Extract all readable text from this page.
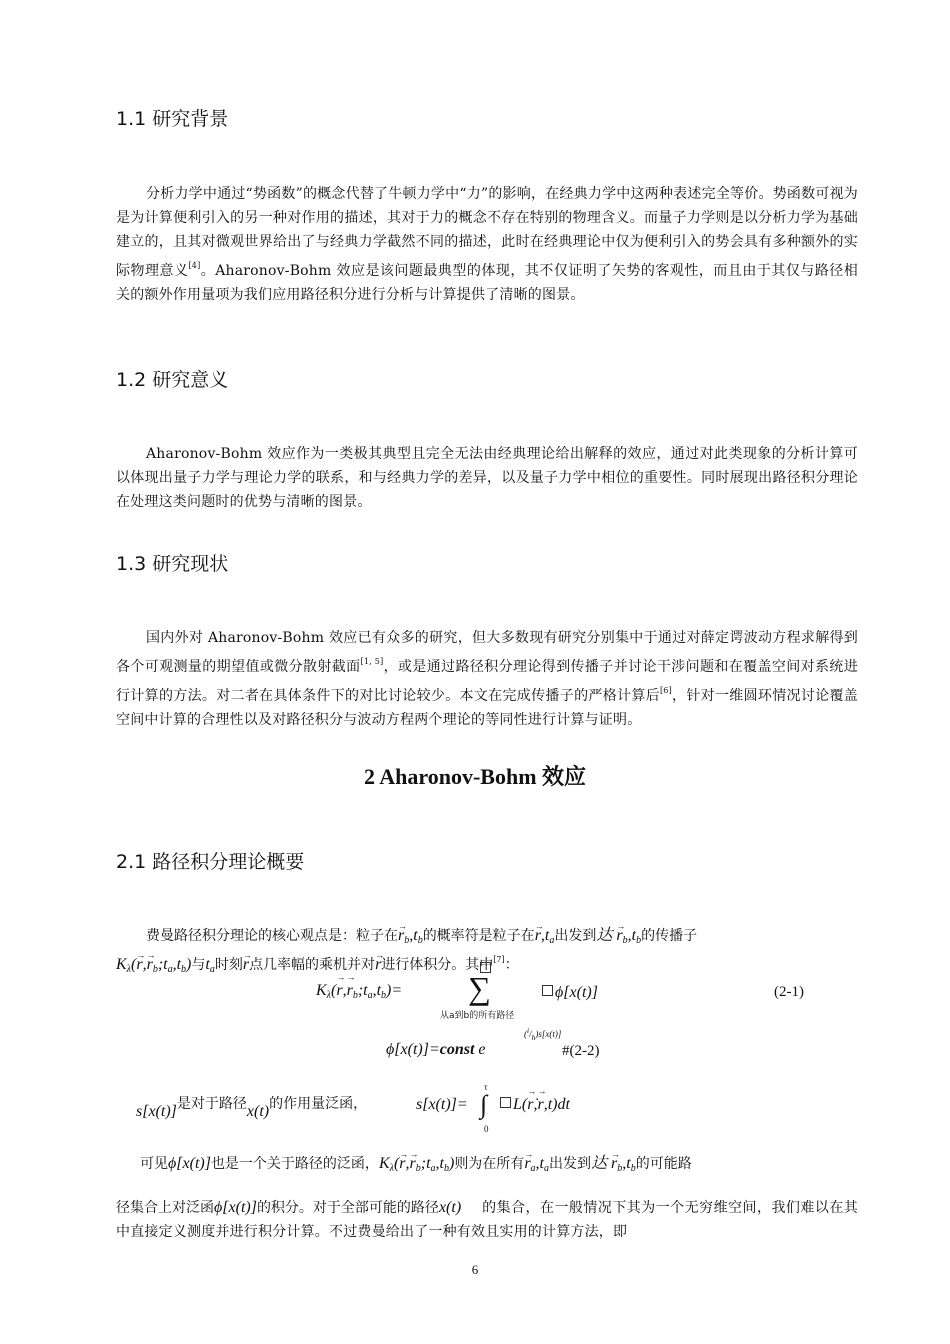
1.1 研究背景

分析力学中通过“势函数”的概念代替了牛顿力学中“力”的影响，在经典力学中这两种表述完全等价。势函数可视为是为计算便利引入的另一种对作用的描述，其对于力的概念不存在特别的物理含义。而量子力学则是以分析力学为基础建立的，且其对微观世界给出了与经典力学截然不同的描述，此时在经典理论中仅为便利引入的势会具有多种额外的实际物理意义[4]。Aharonov-Bohm 效应是该问题最典型的体现，其不仅证明了矢势的客观性，而且由于其仅与路径相关的额外作用量项为我们应用路径积分进行分析与计算提供了清晰的图景。

1.2 研究意义

Aharonov-Bohm 效应作为一类极其典型且完全无法由经典理论给出解释的效应，通过对此类现象的分析计算可以体现出量子力学与理论力学的联系，和与经典力学的差异，以及量子力学中相位的重要性。同时展现出路径积分理论在处理这类问题时的优势与清晰的图景。

1.3 研究现状

国内外对 Aharonov-Bohm 效应已有众多的研究，但大多数现有研究分别集中于通过对薛定谔波动方程求解得到各个可观测量的期望值或微分散射截面[1, 5]，或是通过路径积分理论得到传播子并讨论干涉问题和在覆盖空间对系统进行计算的方法。对二者在具体条件下的对比讨论较少。本文在完成传播子的严格计算后[6]，针对一维圆环情况讨论覆盖空间中计算的合理性以及对路径积分与波动方程两个理论的等同性进行计算与证明。

2 Aharonov-Bohm 效应
2.1 路径积分理论概要
费曼路径积分理论的核心观点是：粒子在→ $r_b,t_b$的概率符是粒子在→ $r,t_a$出发到达 → $r_b,t_b$的传播子
$K_\lambda(\to r,\to$ $r_b;t_a,t_b$)与$t_a$时刻→ r点几率幅的乘机并对→ r进行体积分。其中[7]：
$K_\lambda(\to r,\to$ $r_b;t_a,t_b)=$ ∑
从a到b的所有路径
ϕ[x(t)]	(2-1)
ϕ[x(t)]=const e
$(^i/_ħ)s[x(t)]$
#(2-2)
s[x(t)]是对于路径x(t)的作用量泛函，	s[x(t)]=
τ
∫
0
L(→ ṙ,→ r,t)dt
可见ϕ[x(t)]也是一个关于路径的泛函，$K_\lambda(\to r,\to$ $r_b;t_a,t_b$)则为在所有→ $r_a,t_a$出发到达 → $r_b,t_b$的可能路
径集合上对泛函ϕ[x(t)]的积分。对于全部可能的路径x(t)	的集合，在一般情况下其为一个无穷维空间，我们难以在其中直接定义测度并进行积分计算。不过费曼给出了一种有效且实用的计算方法，即

6
